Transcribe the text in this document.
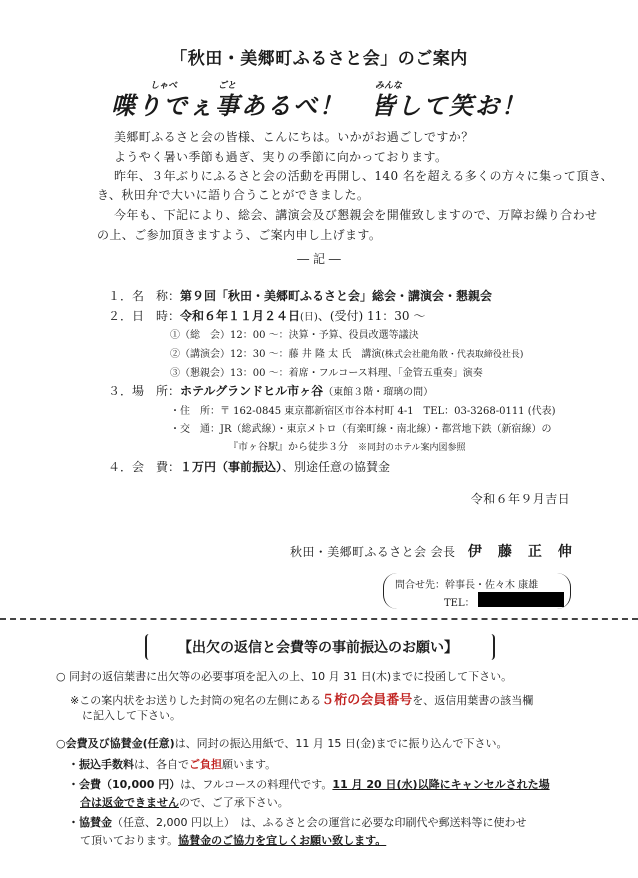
「秋田・美郷町ふるさと会」のご案内
しゃべ	ごと	みんな
喋りでぇ事あるべ！　皆して笑お！
美郷町ふるさと会の皆様、こんにちは。いかがお過ごしですか？
ようやく暑い季節も過ぎ、実りの季節に向かっております。
昨年、３年ぶりにふるさと会の活動を再開し、140 名を超える多くの方々に集って頂き、
き、秋田弁で大いに語り合うことができました。
今年も、下記により、総会、講演会及び懇親会を開催致しますので、万障お繰り合わせ
の上、ご参加頂きますよう、ご案内申し上げます。
― 記 ―
１．名　称：第９回「秋田・美郷町ふるさと会」総会・講演会・懇親会
２．日　時：令和６年１１月２４日(日)、(受付) 11：30 ～
①（総　会）12：00 ～：決算・予算、役員改選等議決
②（講演会）12：30 ～：藤 井 隆 太 氏　講演(株式会社龍角散・代表取締役社長)
③（懇親会）13：00 ～：着席・フルコース料理、「金管五重奏」演奏
３．場　所：ホテルグランドヒル市ヶ谷（東館３階・瑠璃の間）
・住　所：〒 162-0845 東京都新宿区市谷本村町 4-1　TEL：03-3268-0111 (代表)
・交　通：JR（総武線）・東京メトロ（有楽町線・南北線）・都営地下鉄（新宿線）の
『市ヶ谷駅』から徒歩３分　 ※同封のホテル案内図参照
４．会　費：１万円（事前振込）、別途任意の協賛金
令和６年９月吉日
秋田・美郷町ふるさと会 会長　 伊　藤　正　伸
問合せ先：幹事長・佐々木 康雄
TEL：
【出欠の返信と会費等の事前振込のお願い】
○ 同封の返信葉書に出欠等の必要事項を記入の上、10 月 31 日(木)までに投函して下さい。
※この案内状をお送りした封筒の宛名の左側にある５桁の会員番号を、返信用葉書の該当欄
に記入して下さい。
○会費及び協賛金(任意)は、同封の振込用紙で、11 月 15 日(金)までに振り込んで下さい。
・振込手数料は、各自でご負担願います。
・会費（10,000 円）は、フルコースの料理代です。11 月 20 日(水)以降にキャンセルされた場
合は返金できませんので、ご了承下さい。
・協賛金（任意、2,000 円以上）　は、ふるさと会の運営に必要な印刷代や郵送料等に使わせ
て頂いております。協賛金のご協力を宜しくお願い致します。
